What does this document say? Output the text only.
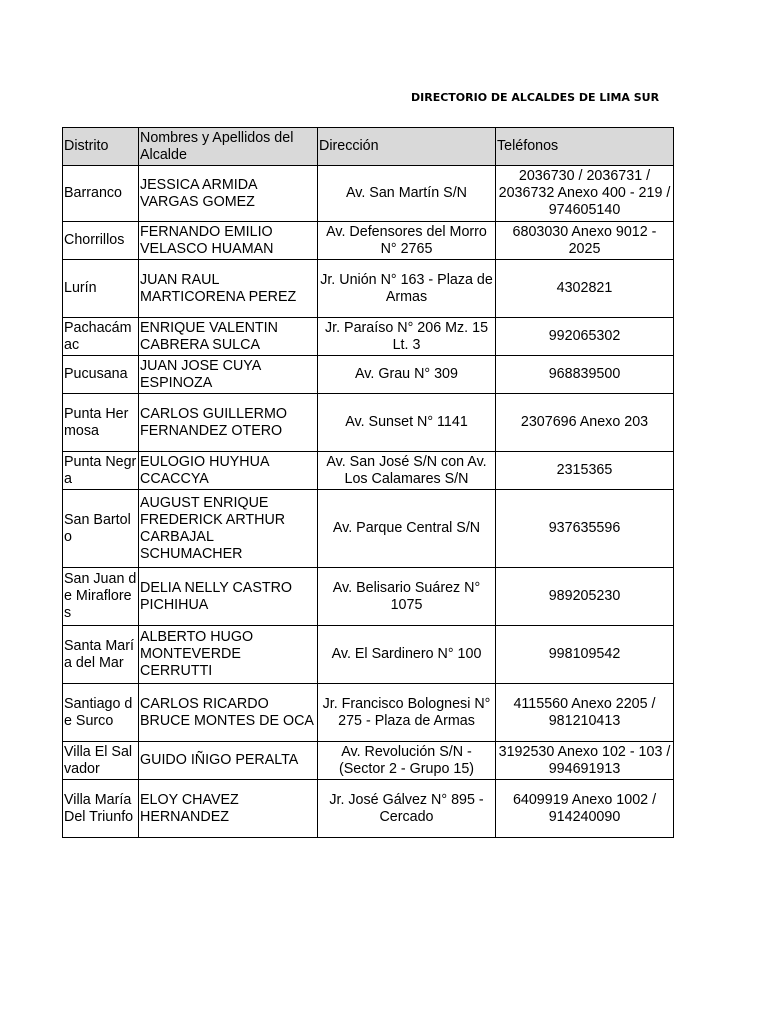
DIRECTORIO DE ALCALDES DE LIMA SUR
Distrito	Nombres y Apellidos del Alcalde	Dirección	Teléfonos
Barranco	JESSICA ARMIDA VARGAS GOMEZ	Av. San Martín S/N	2036730 / 2036731 / 2036732 Anexo 400 - 219 / 974605140
Chorrillos	FERNANDO EMILIO VELASCO HUAMAN	Av. Defensores del Morro N° 2765	6803030 Anexo 9012 - 2025
Lurín	JUAN RAUL MARTICORENA PEREZ	Jr. Unión N° 163 - Plaza de Armas	4302821
Pachacámac	ENRIQUE VALENTIN CABRERA SULCA	Jr. Paraíso N° 206 Mz. 15 Lt. 3	992065302
Pucusana	JUAN JOSE CUYA ESPINOZA	Av. Grau N° 309	968839500
Punta Hermosa	CARLOS GUILLERMO FERNANDEZ OTERO	Av. Sunset N° 1141	2307696 Anexo 203
Punta Negra	EULOGIO HUYHUA CCACCYA	Av. San José S/N con Av. Los Calamares S/N	2315365
San Bartolo	AUGUST ENRIQUE FREDERICK ARTHUR CARBAJAL SCHUMACHER	Av. Parque Central S/N	937635596
San Juan de Miraflores	DELIA NELLY CASTRO PICHIHUA	Av. Belisario Suárez N° 1075	989205230
Santa María del Mar	ALBERTO HUGO MONTEVERDE CERRUTTI	Av. El Sardinero N° 100	998109542
Santiago de Surco	CARLOS RICARDO BRUCE MONTES DE OCA	Jr. Francisco Bolognesi N° 275 - Plaza de Armas	4115560 Anexo 2205 / 981210413
Villa El Salvador	GUIDO IÑIGO PERALTA	Av. Revolución S/N - (Sector 2 - Grupo 15)	3192530 Anexo 102 - 103 / 994691913
Villa María Del Triunfo	ELOY CHAVEZ HERNANDEZ	Jr. José Gálvez N° 895 - Cercado	6409919 Anexo 1002 / 914240090
